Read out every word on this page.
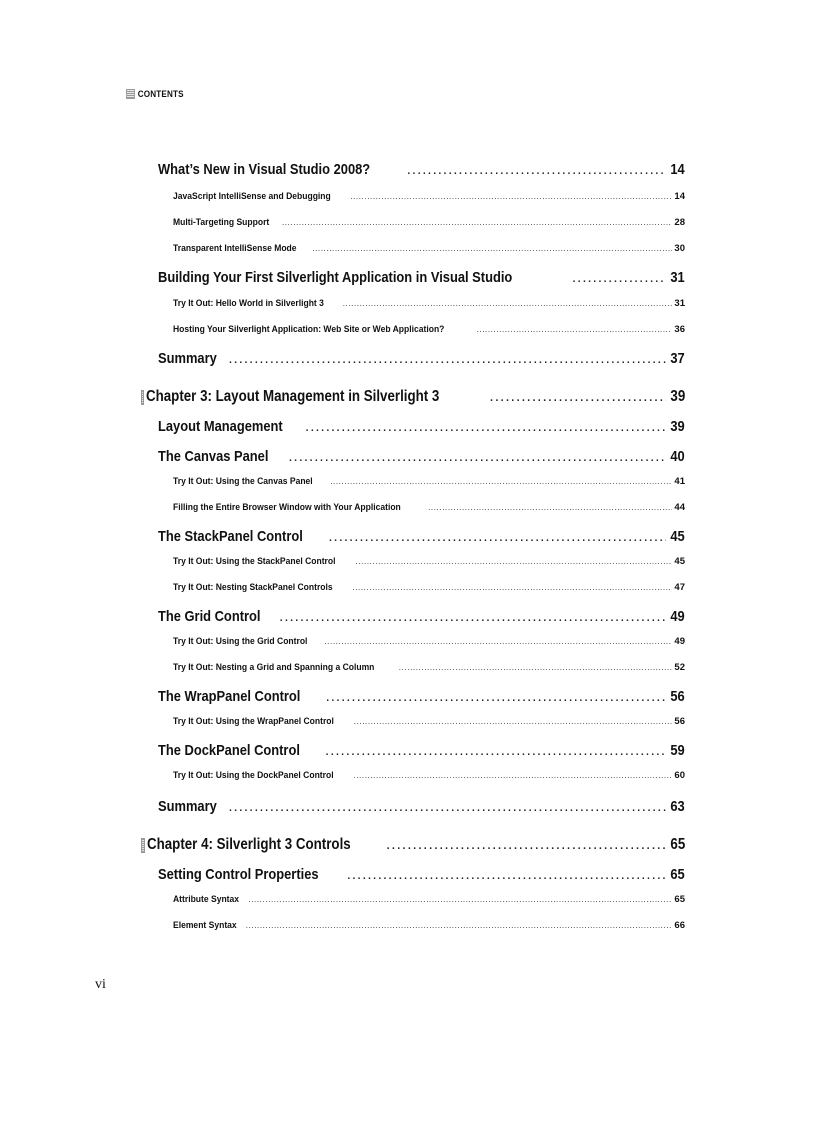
CONTENTS
What’s New in Visual Studio 2008? .....	14
JavaScript IntelliSense and Debugging .....	14
Multi-Targeting Support .....	28
Transparent IntelliSense Mode .....	30
Building Your First Silverlight Application in Visual Studio .....	31
Try It Out: Hello World in Silverlight 3 .....	31
Hosting Your Silverlight Application: Web Site or Web Application? .....	36
Summary .....	37
Chapter 3: Layout Management in Silverlight 3 .....	39
Layout Management .....	39
The Canvas Panel .....	40
Try It Out: Using the Canvas Panel .....	41
Filling the Entire Browser Window with Your Application .....	44
The StackPanel Control .....	45
Try It Out: Using the StackPanel Control .....	45
Try It Out: Nesting StackPanel Controls .....	47
The Grid Control .....	49
Try It Out: Using the Grid Control .....	49
Try It Out: Nesting a Grid and Spanning a Column .....	52
The WrapPanel Control .....	56
Try It Out: Using the WrapPanel Control .....	56
The DockPanel Control .....	59
Try It Out: Using the DockPanel Control .....	60
Summary .....	63
Chapter 4: Silverlight 3 Controls .....	65
Setting Control Properties .....	65
Attribute Syntax .....	65
Element Syntax .....	66
vi
